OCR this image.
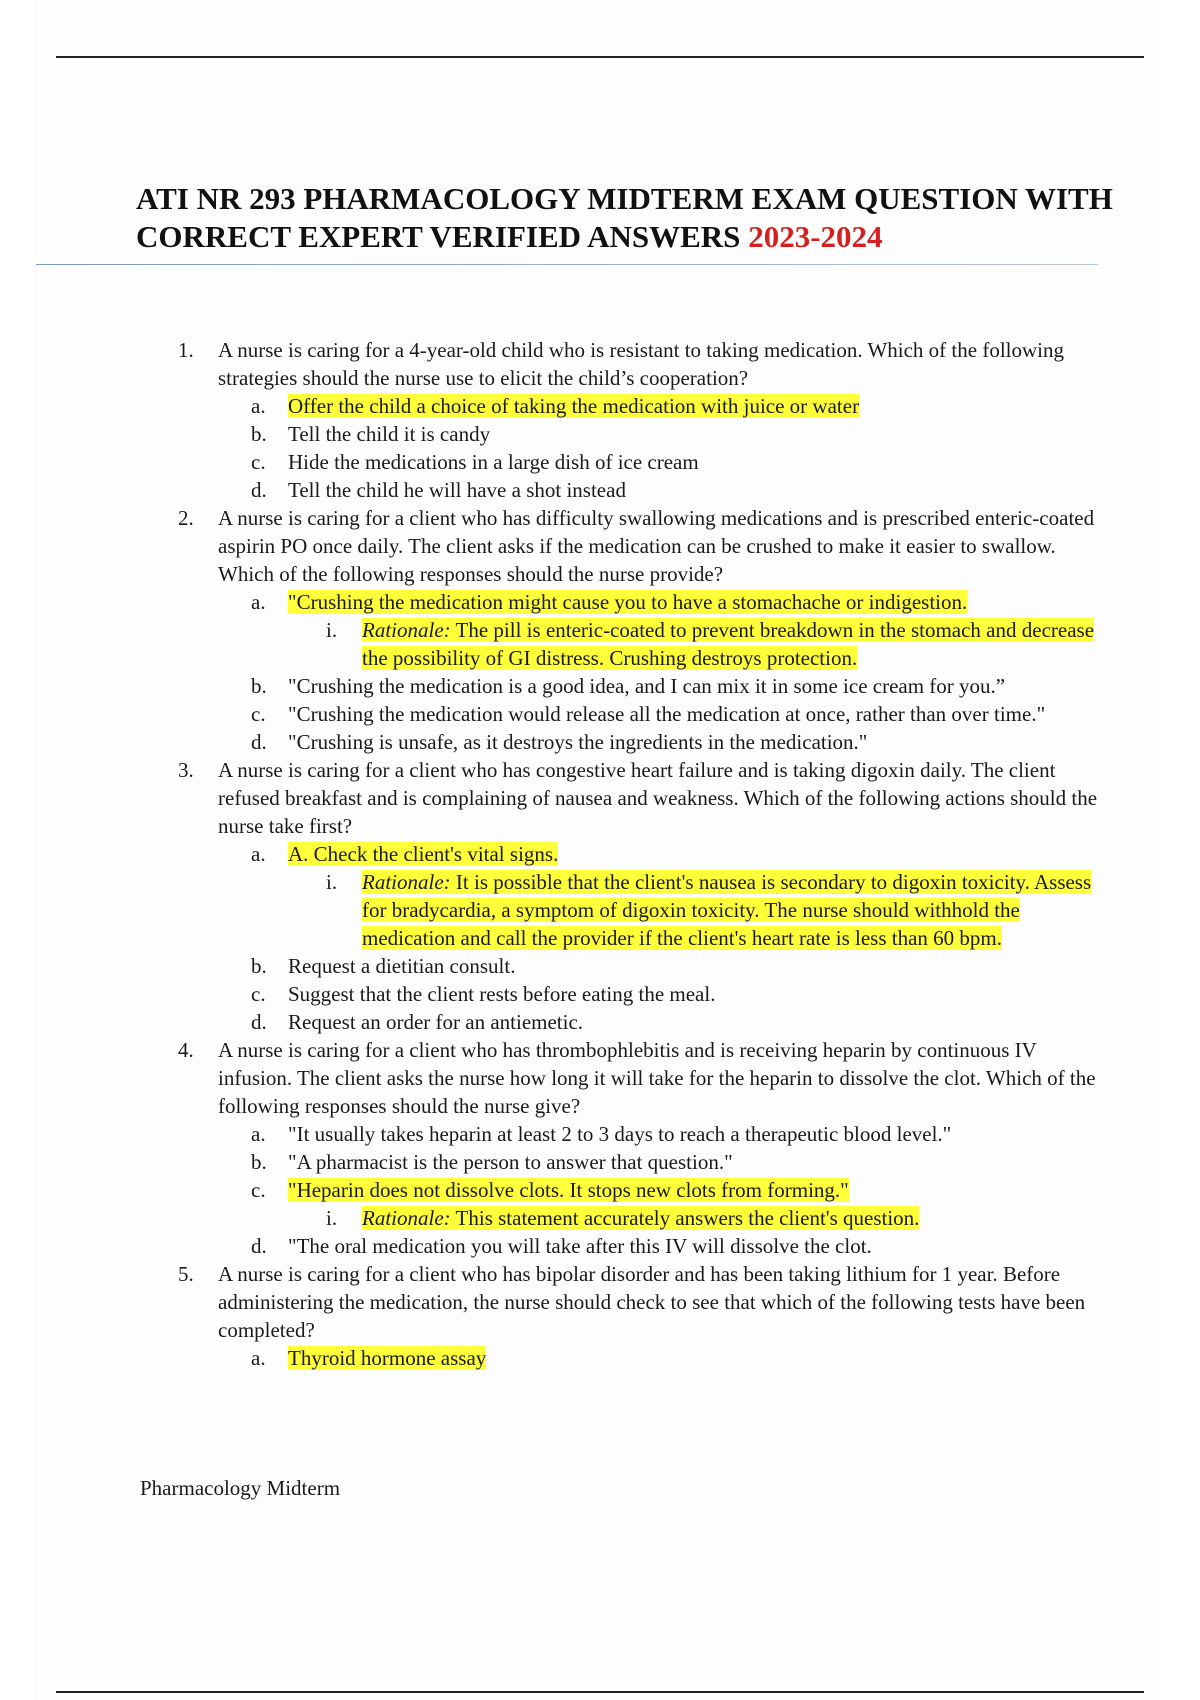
ATI NR 293 PHARMACOLOGY MIDTERM EXAM QUESTION WITH CORRECT EXPERT VERIFIED ANSWERS 2023-2024
1.	A nurse is caring for a 4-year-old child who is resistant to taking medication. Which of the following strategies should the nurse use to elicit the child’s cooperation?
a.	Offer the child a choice of taking the medication with juice or water
b.	Tell the child it is candy
c.	Hide the medications in a large dish of ice cream
d.	Tell the child he will have a shot instead
2.	A nurse is caring for a client who has difficulty swallowing medications and is prescribed enteric-coated aspirin PO once daily. The client asks if the medication can be crushed to make it easier to swallow. Which of the following responses should the nurse provide?
a.	"Crushing the medication might cause you to have a stomachache or indigestion.
i.	Rationale: The pill is enteric-coated to prevent breakdown in the stomach and decrease the possibility of GI distress. Crushing destroys protection.
b.	"Crushing the medication is a good idea, and I can mix it in some ice cream for you.”
c.	"Crushing the medication would release all the medication at once, rather than over time."
d.	"Crushing is unsafe, as it destroys the ingredients in the medication."
3.	A nurse is caring for a client who has congestive heart failure and is taking digoxin daily. The client refused breakfast and is complaining of nausea and weakness. Which of the following actions should the nurse take first?
a.	A. Check the client's vital signs.
i.	Rationale: It is possible that the client's nausea is secondary to digoxin toxicity. Assess for bradycardia, a symptom of digoxin toxicity. The nurse should withhold the medication and call the provider if the client's heart rate is less than 60 bpm.
b.	Request a dietitian consult.
c.	Suggest that the client rests before eating the meal.
d.	Request an order for an antiemetic.
4.	A nurse is caring for a client who has thrombophlebitis and is receiving heparin by continuous IV infusion. The client asks the nurse how long it will take for the heparin to dissolve the clot. Which of the following responses should the nurse give?
a.	"It usually takes heparin at least 2 to 3 days to reach a therapeutic blood level."
b.	"A pharmacist is the person to answer that question."
c.	"Heparin does not dissolve clots. It stops new clots from forming."
i.	Rationale: This statement accurately answers the client's question.
d.	"The oral medication you will take after this IV will dissolve the clot.
5.	A nurse is caring for a client who has bipolar disorder and has been taking lithium for 1 year. Before administering the medication, the nurse should check to see that which of the following tests have been completed?
a.	Thyroid hormone assay
Pharmacology Midterm
